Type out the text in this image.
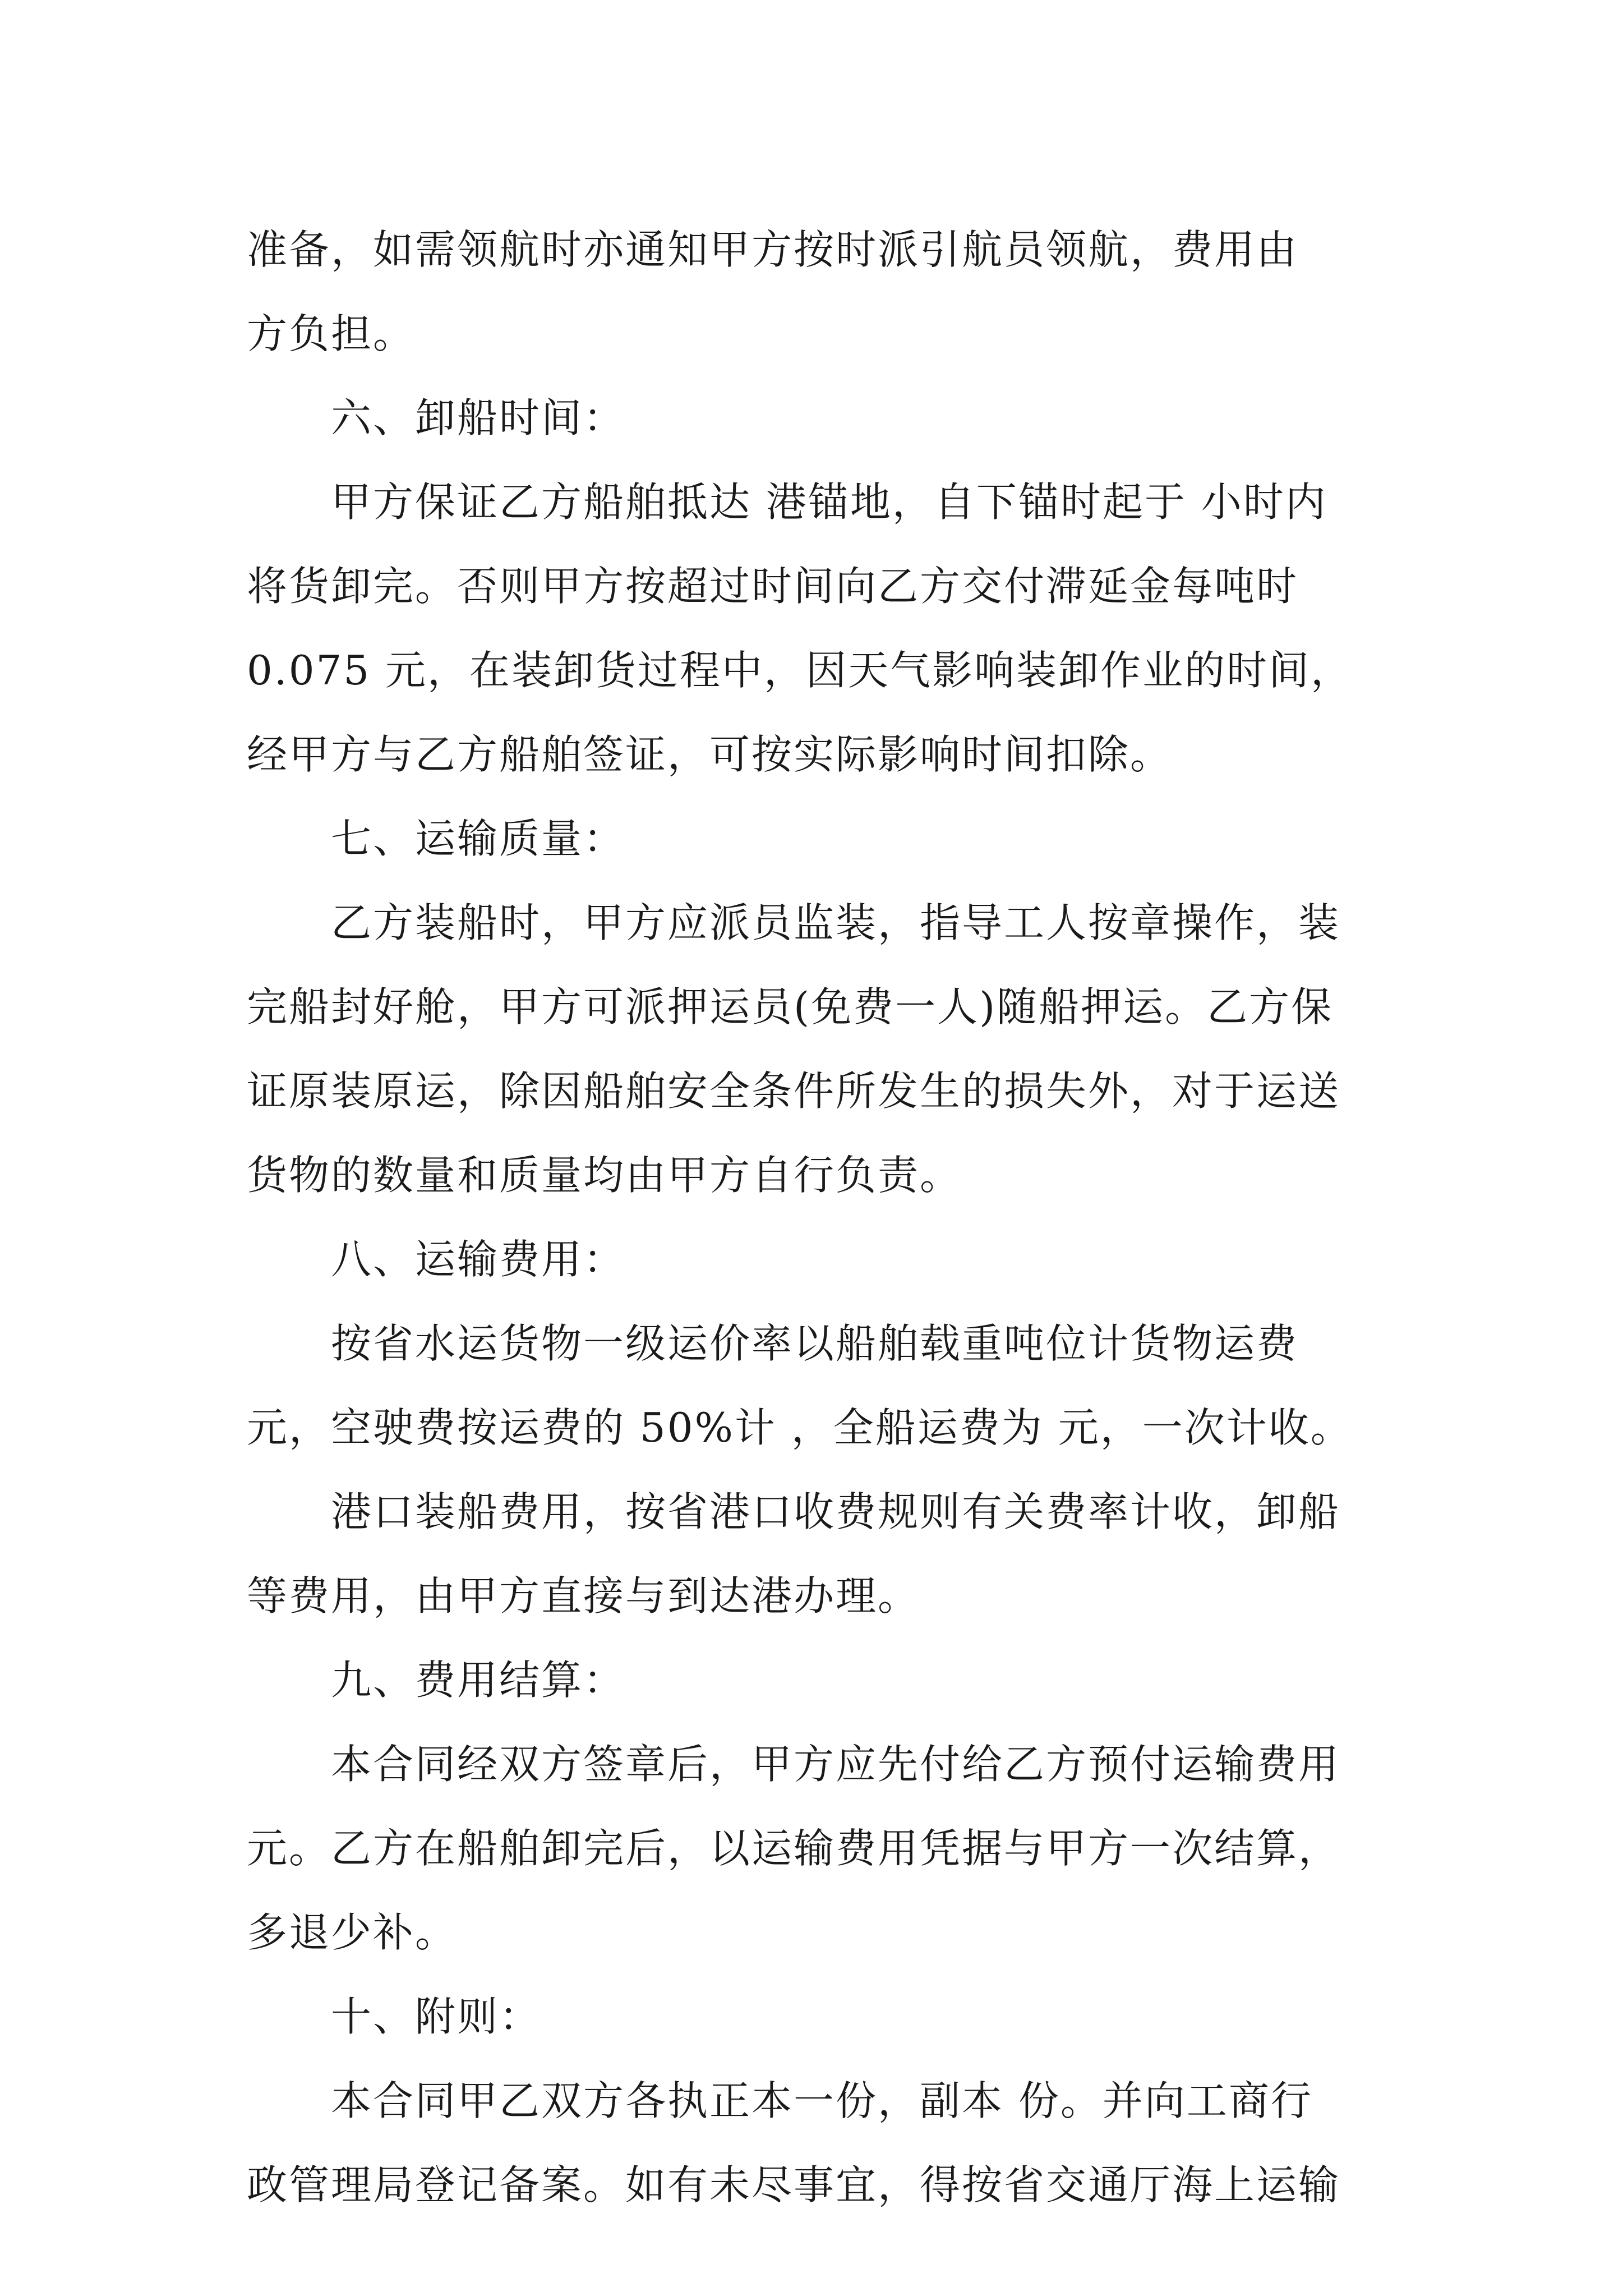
准备，如需领航时亦通知甲方按时派引航员领航，费用由
方负担。
六、卸船时间：
甲方保证乙方船舶抵达 港锚地，自下锚时起于 小时内
将货卸完。否则甲方按超过时间向乙方交付滞延金每吨时
0.075 元，在装卸货过程中，因天气影响装卸作业的时间，
经甲方与乙方船舶签证，可按实际影响时间扣除。
七、运输质量：
乙方装船时，甲方应派员监装，指导工人按章操作，装
完船封好舱，甲方可派押运员(免费一人)随船押运。乙方保
证原装原运，除因船舶安全条件所发生的损失外，对于运送
货物的数量和质量均由甲方自行负责。
八、运输费用：
按省水运货物一级运价率以船舶载重吨位计货物运费
元，空驶费按运费的 50%计 ，全船运费为 元，一次计收。
港口装船费用，按省港口收费规则有关费率计收，卸船
等费用，由甲方直接与到达港办理。
九、费用结算：
本合同经双方签章后，甲方应先付给乙方预付运输费用
元。乙方在船舶卸完后，以运输费用凭据与甲方一次结算，
多退少补。
十、附则：
本合同甲乙双方各执正本一份，副本 份。并向工商行
政管理局登记备案。如有未尽事宜，得按省交通厅海上运输
